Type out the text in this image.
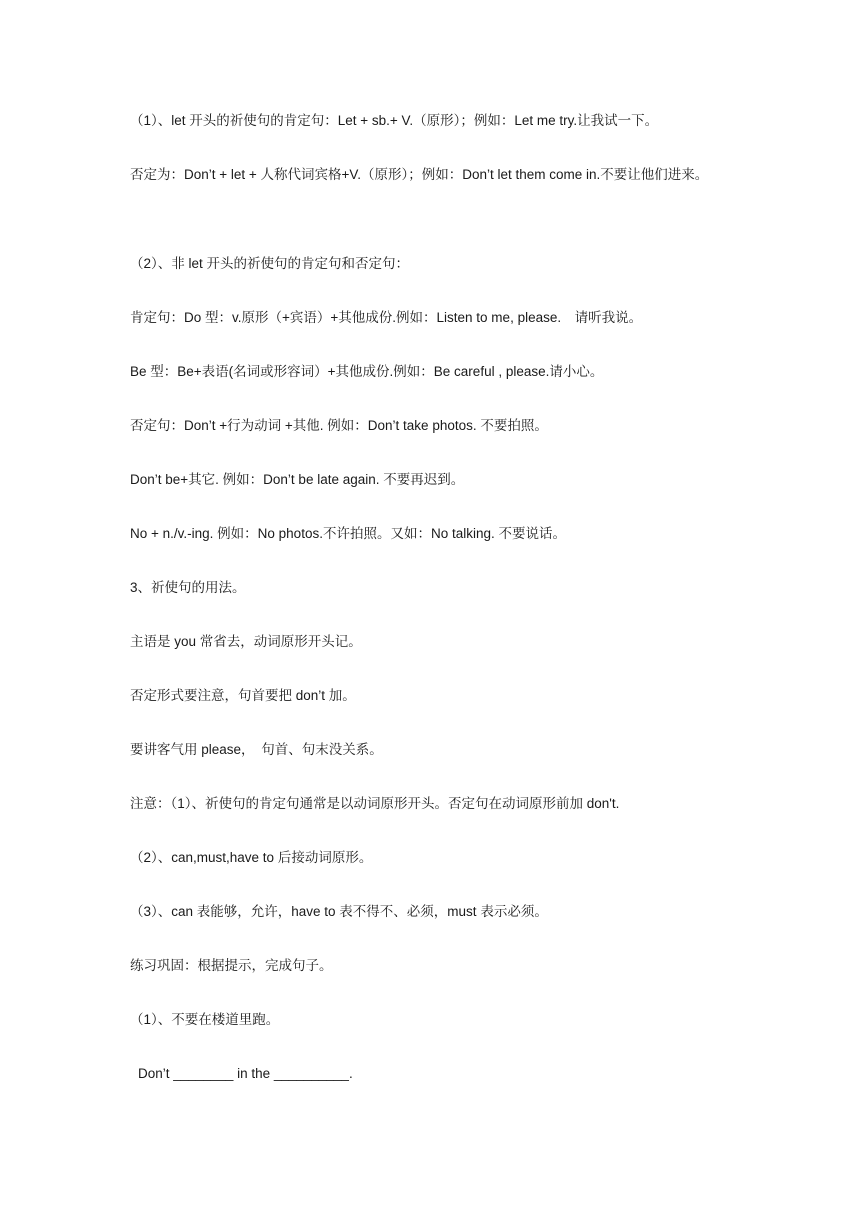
（1）、let 开头的祈使句的肯定句：Let + sb.+ V.（原形）；例如：Let me try.让我试一下。
否定为：Don’t + let + 人称代词宾格+V.（原形）；例如：Don’t let them come in.不要让他们进来。
（2）、非 let 开头的祈使句的肯定句和否定句：
肯定句：Do 型：v.原形（+宾语）+其他成份.例如：Listen to me, please.　请听我说。
Be 型：Be+表语(名词或形容词）+其他成份.例如：Be careful , please.请小心。
否定句：Don’t +行为动词 +其他. 例如：Don’t take photos. 不要拍照。
Don’t be+其它. 例如：Don’t be late again. 不要再迟到。
No + n./v.-ing. 例如：No photos.不许拍照。又如：No talking. 不要说话。
3、祈使句的用法。
主语是 you 常省去，动词原形开头记。
否定形式要注意，句首要把 don’t 加。
要讲客气用 please，　句首、句末没关系。
注意：（1）、祈使句的肯定句通常是以动词原形开头。否定句在动词原形前加 don't.
（2）、can,must,have to 后接动词原形。
（3）、can 表能够，允许，have to 表不得不、必须，must 表示必须。
练习巩固：根据提示，完成句子。
（1）、不要在楼道里跑。
Don’t ________ in the __________.
